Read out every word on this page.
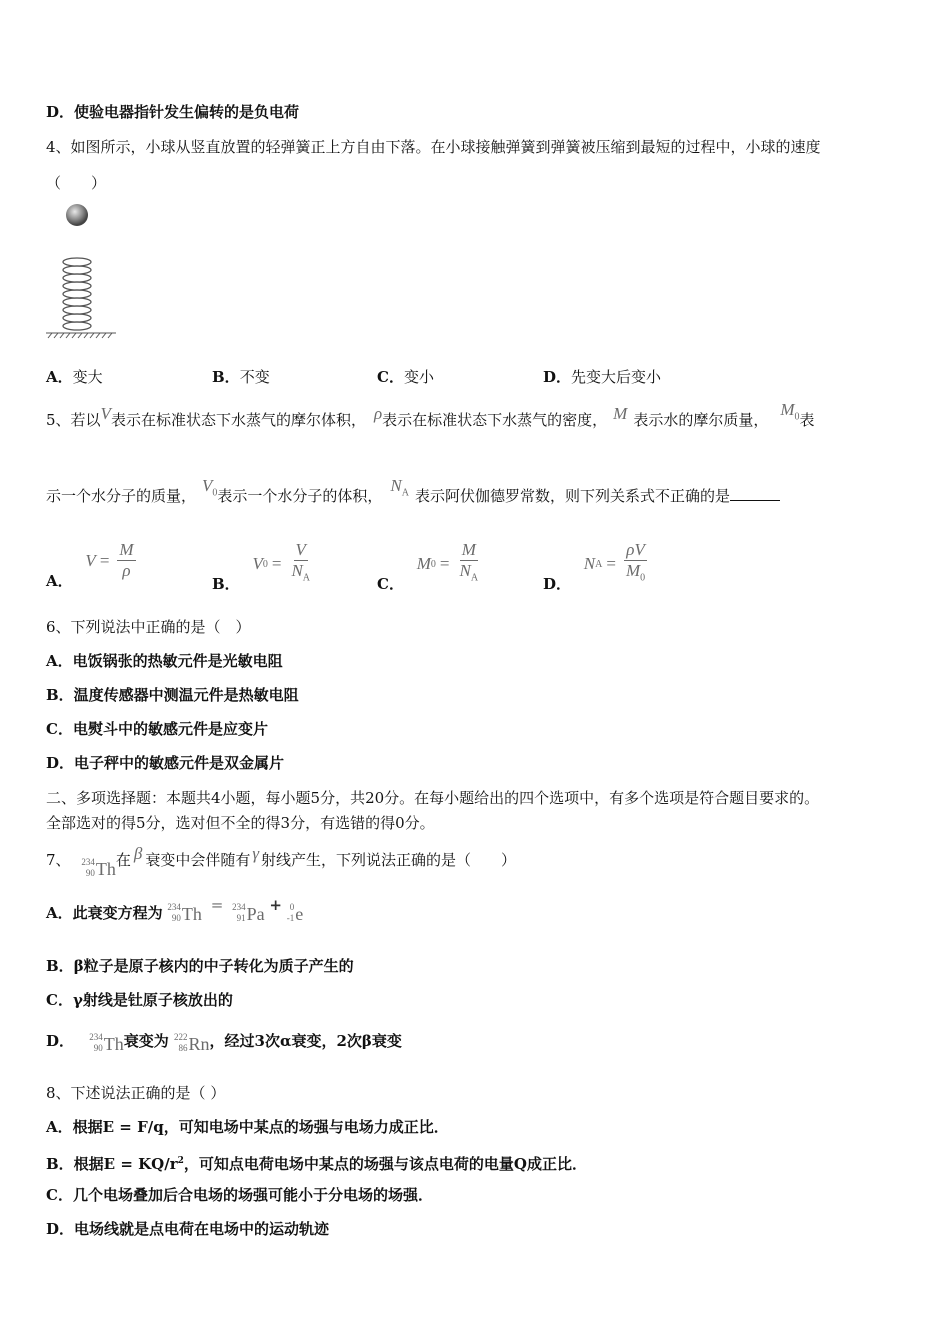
D．使验电器指针发生偏转的是负电荷
4、如图所示，小球从竖直放置的轻弹簧正上方自由下落。在小球接触弹簧到弹簧被压缩到最短的过程中，小球的速度
（　　）
A．变大	B．不变	C．变小	D．先变大后变小
5、若以V表示在标准状态下水蒸气的摩尔体积， ρ表示在标准状态下水蒸气的密度， M 表示水的摩尔质量，$M_0$表
示一个水分子的质量，$V_0$表示一个水分子的体积，$N_A$ 表示阿伏伽德罗常数，则下列关系式不正确的是
A．
$V = \frac{M}{\rho}$
B．
V $0 = \frac{V}{N_A}$	C．
M $0 = \frac{M}{N_A}$	D．
N $A = \frac{\rho V}{M_0}$
6、下列说法中正确的是（　）
A．电饭锅张的热敏元件是光敏电阻
B．温度传感器中测温元件是热敏电阻
C．电熨斗中的敏感元件是应变片
D．电子秤中的敏感元件是双金属片
二、多项选择题：本题共4小题，每小题5分，共20分。在每小题给出的四个选项中，有多个选项是符合题目要求的。
全部选对的得5分，选对但不全的得3分，有选错的得0分。
7、 234
90 Th 在 β 衰变中会伴随有 γ 射线产生，下列说法正确的是（　　）
A．此衰变方程为 234
90 Th = 234
91 Pa + 0
-1 e
B．β粒子是原子核内的中子转化为质子产生的
C．γ射线是钍原子核放出的
D． 234
90 Th 衰变为 222
86 Rn ，经过3次α衰变，2次β衰变
8、下述说法正确的是（ ）
A．根据E = F/q，可知电场中某点的场强与电场力成正比．
B．根据$E = KQ/r^2$，可知点电荷电场中某点的场强与该点电荷的电量Q成正比．
C．几个电场叠加后合电场的场强可能小于分电场的场强．
D．电场线就是点电荷在电场中的运动轨迹
